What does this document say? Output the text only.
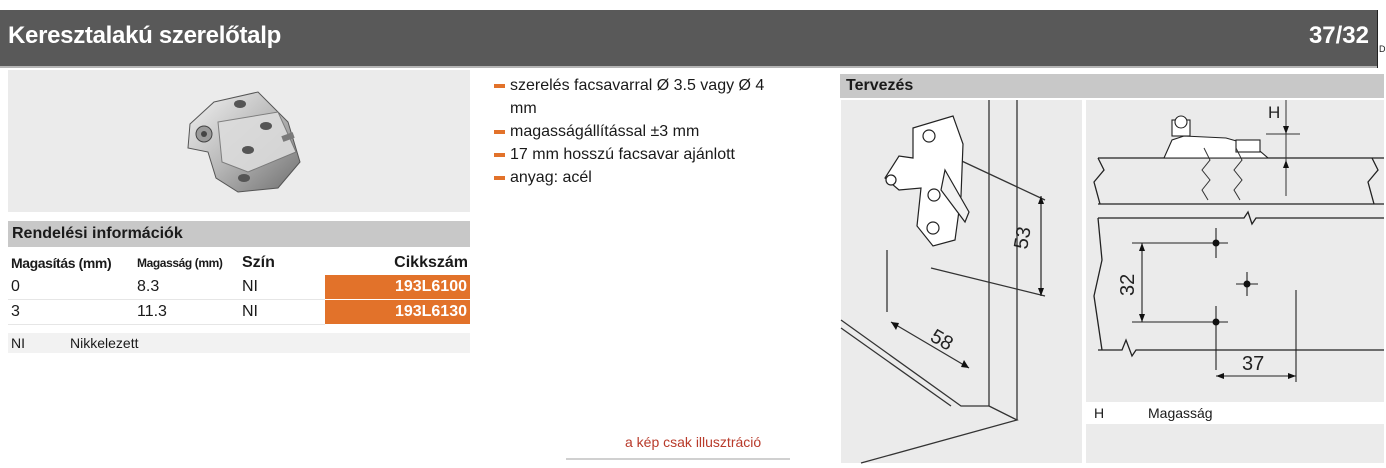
Keresztalakú szerelőtalp	37/32 D
Rendelési információk
Magasítás (mm)	Magasság (mm)	Szín	Cikkszám
0	8.3	NI	193L6100
3	11.3	NI	193L6130
NI	Nikkelezett
szerelés facsavarral Ø 3.5 vagy Ø 4 mm
magasságállítással ±3 mm
17 mm hosszú facsavar ajánlott
anyag: acél
a kép csak illusztráció
Tervezés
53
58
H
32
37
H	Magasság
